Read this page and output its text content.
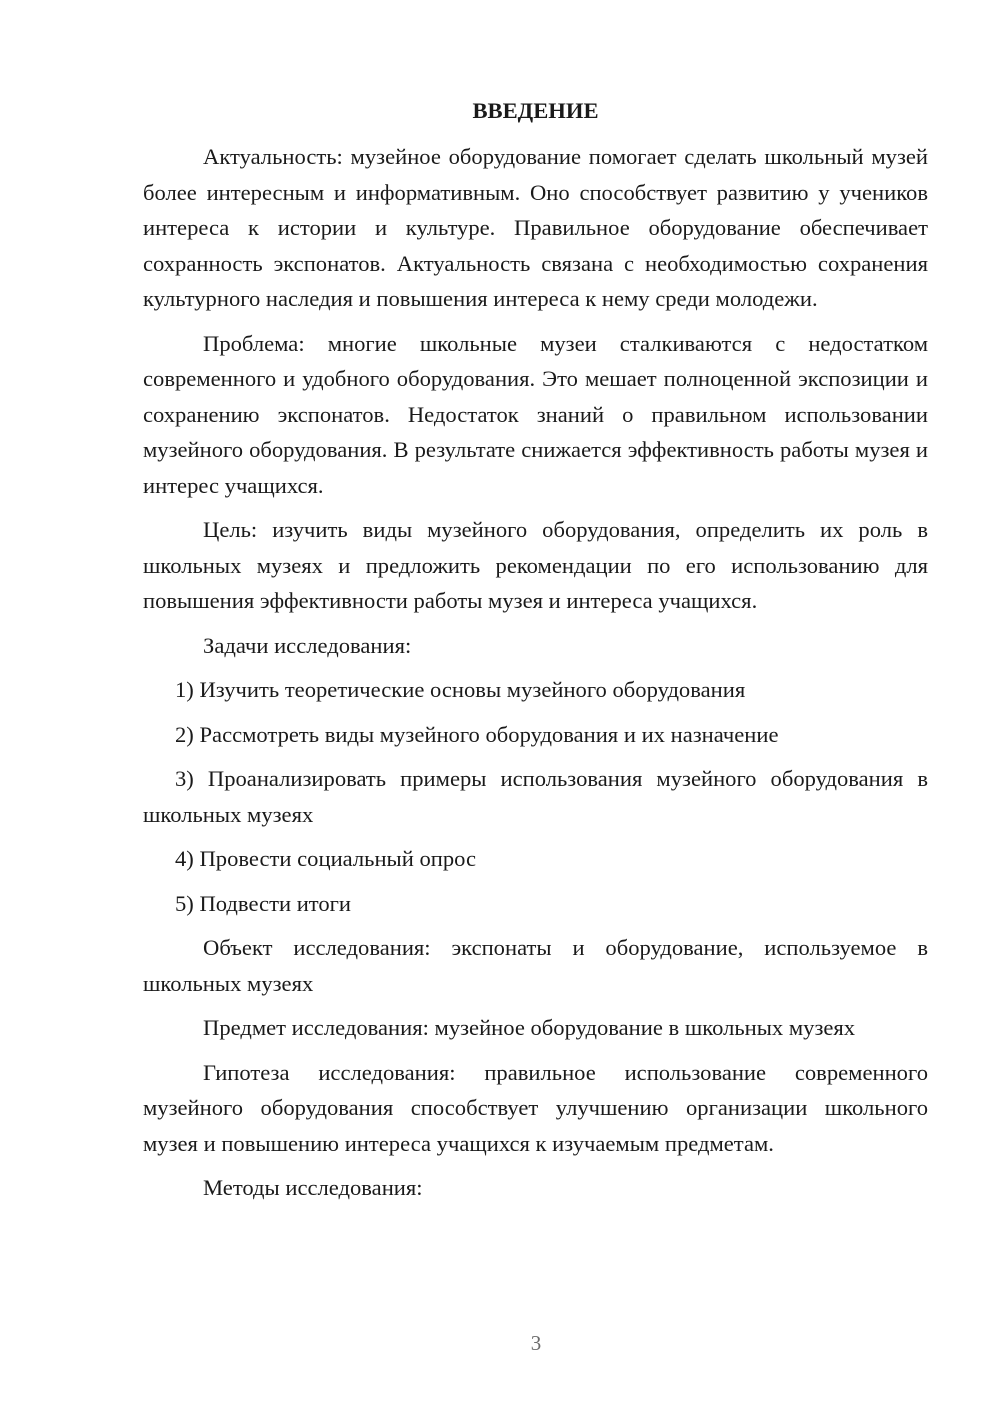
ВВЕДЕНИЕ

Актуальность: музейное оборудование помогает сделать школьный музей более интересным и информативным. Оно способствует развитию у учеников интереса к истории и культуре. Правильное оборудование обеспечивает сохранность экспонатов. Актуальность связана с необходимостью сохранения культурного наследия и повышения интереса к нему среди молодежи.

Проблема: многие школьные музеи сталкиваются с недостатком современного и удобного оборудования. Это мешает полноценной экспозиции и сохранению экспонатов. Недостаток знаний о правильном использовании музейного оборудования. В результате снижается эффективность работы музея и интерес учащихся.

Цель: изучить виды музейного оборудования, определить их роль в школьных музеях и предложить рекомендации по его использованию для повышения эффективности работы музея и интереса учащихся.

Задачи исследования:

1) Изучить теоретические основы музейного оборудования

2) Рассмотреть виды музейного оборудования и их назначение

3) Проанализировать примеры использования музейного оборудования в школьных музеях

4) Провести социальный опрос

5) Подвести итоги

Объект исследования: экспонаты и оборудование, используемое в школьных музеях

Предмет исследования: музейное оборудование в школьных музеях

Гипотеза исследования: правильное использование современного музейного оборудования способствует улучшению организации школьного музея и повышению интереса учащихся к изучаемым предметам.

Методы исследования:

3
